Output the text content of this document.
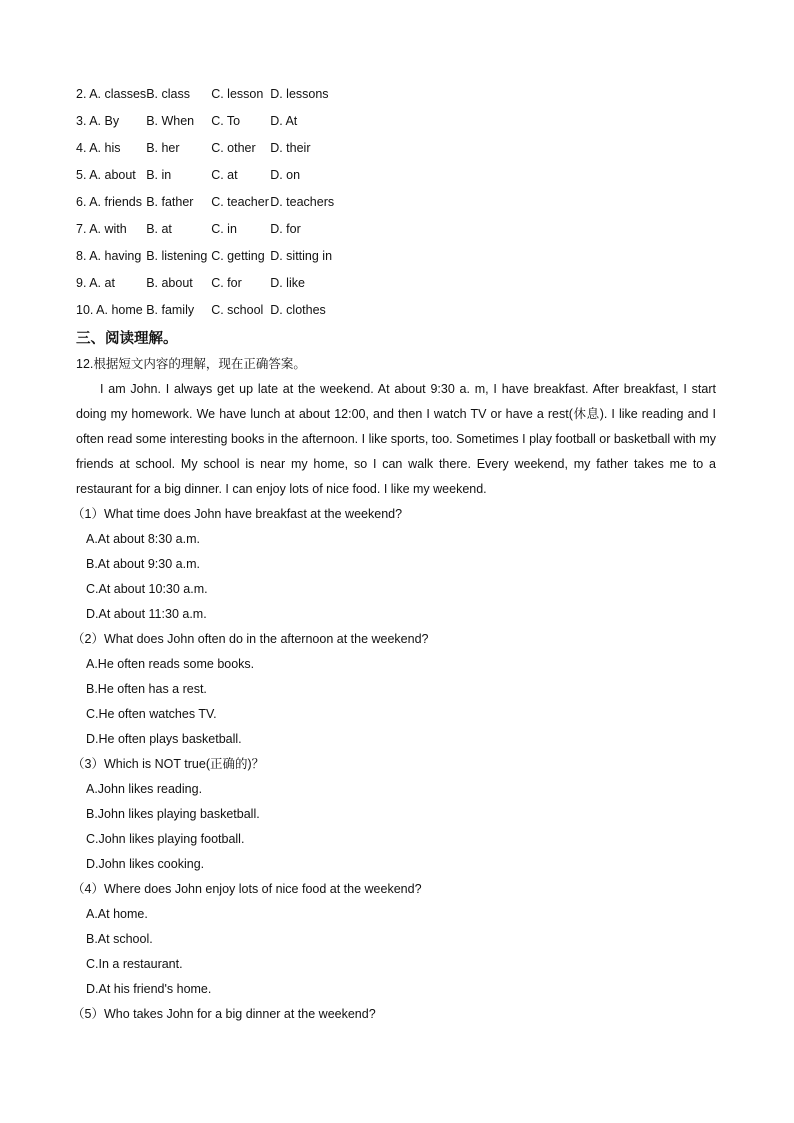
2. A. classes	B. class	C. lesson	D. lessons
3. A. By	B. When	C. To	D. At
4. A. his	B. her	C. other	D. their
5. A. about	B. in	C. at	D. on
6. A. friends	B. father	C. teacher	D. teachers
7. A. with	B. at	C. in	D. for
8. A. having	B. listening	C. getting	D. sitting in
9. A. at	B. about	C. for	D. like
10. A. home	B. family	C. school	D. clothes
三、阅读理解。
12.根据短文内容的理解，现在正确答案。

I am John. I always get up late at the weekend. At about 9:30 a. m, I have breakfast. After breakfast, I start doing my homework. We have lunch at about 12:00, and then I watch TV or have a rest(休息). I like reading and I often read some interesting books in the afternoon. I like sports, too. Sometimes I play football or basketball with my friends at school. My school is near my home, so I can walk there. Every weekend, my father takes me to a restaurant for a big dinner. I can enjoy lots of nice food. I like my weekend.

（1）What time does John have breakfast at the weekend?
A.At about 8:30 a.m.
B.At about 9:30 a.m.
C.At about 10:30 a.m.
D.At about 11:30 a.m.
（2）What does John often do in the afternoon at the weekend?
A.He often reads some books.
B.He often has a rest.
C.He often watches TV.
D.He often plays basketball.
（3）Which is NOT true(正确的)？
A.John likes reading.
B.John likes playing basketball.
C.John likes playing football.
D.John likes cooking.
（4）Where does John enjoy lots of nice food at the weekend?
A.At home.
B.At school.
C.In a restaurant.
D.At his friend's home.
（5）Who takes John for a big dinner at the weekend?
